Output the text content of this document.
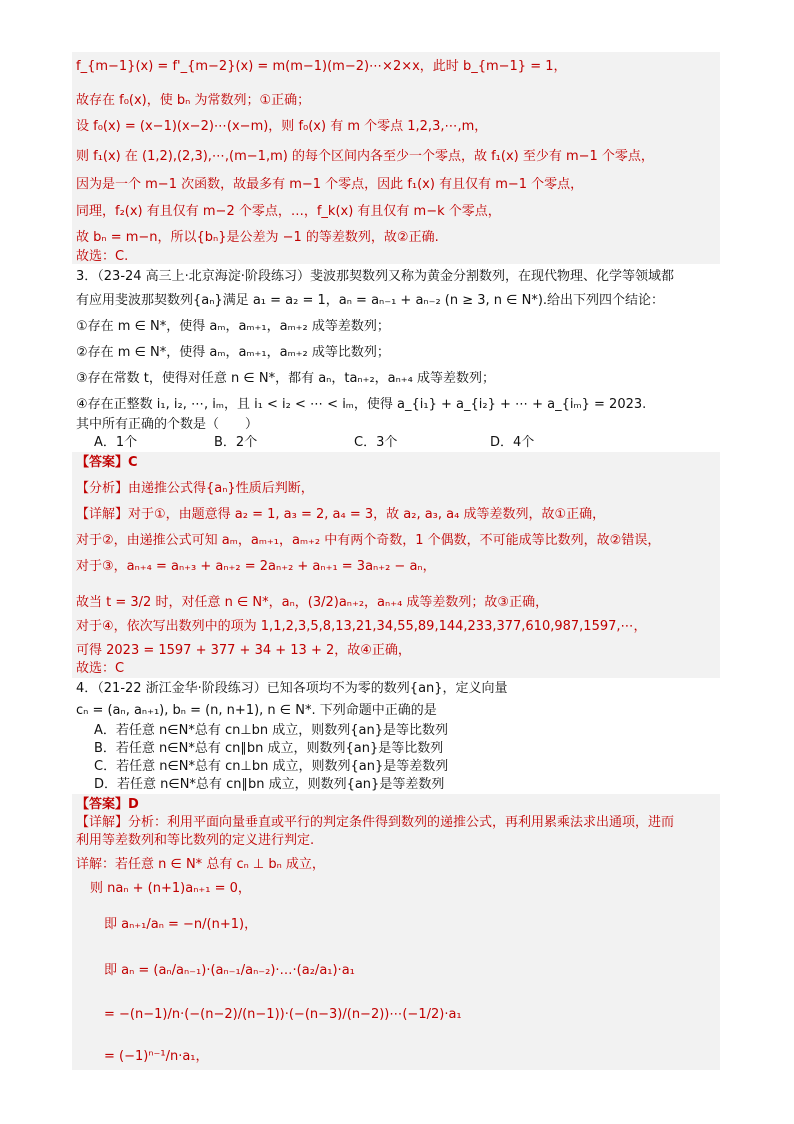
f_{m−1}(x) = f'_{m−2}(x) = m(m−1)(m−2)⋯×2×x，此时 b_{m−1} = 1，
故存在 f₀(x)，使 bₙ 为常数列；①正确；
设 f₀(x) = (x−1)(x−2)⋯(x−m)，则 f₀(x) 有 m 个零点 1,2,3,⋯,m，
则 f₁(x) 在 (1,2),(2,3),⋯,(m−1,m) 的每个区间内各至少一个零点，故 f₁(x) 至少有 m−1 个零点，
因为是一个 m−1 次函数，故最多有 m−1 个零点，因此 f₁(x) 有且仅有 m−1 个零点，
同理，f₂(x) 有且仅有 m−2 个零点，…，f_k(x) 有且仅有 m−k 个零点，
故 bₙ = m−n，所以{bₙ}是公差为 −1 的等差数列，故②正确.
故选：C.
3．（23-24 高三上·北京海淀·阶段练习）斐波那契数列又称为黄金分割数列，在现代物理、化学等领域都
有应用斐波那契数列{aₙ}满足 a₁ = a₂ = 1，aₙ = aₙ₋₁ + aₙ₋₂ (n ≥ 3, n ∈ N*).给出下列四个结论：
①存在 m ∈ N*，使得 aₘ，aₘ₊₁，aₘ₊₂ 成等差数列；
②存在 m ∈ N*，使得 aₘ，aₘ₊₁，aₘ₊₂ 成等比数列；
③存在常数 t，使得对任意 n ∈ N*，都有 aₙ，taₙ₊₂，aₙ₊₄ 成等差数列；
④存在正整数 i₁, i₂, ⋯, iₘ，且 i₁ < i₂ < ⋯ < iₘ，使得 a_{i₁} + a_{i₂} + ⋯ + a_{iₘ} = 2023.
其中所有正确的个数是（　　）
A．1个	B．2个	C．3个	D．4个
【答案】C
【分析】由递推公式得{aₙ}性质后判断，
【详解】对于①，由题意得 a₂ = 1, a₃ = 2, a₄ = 3，故 a₂, a₃, a₄ 成等差数列，故①正确，
对于②，由递推公式可知 aₘ，aₘ₊₁，aₘ₊₂ 中有两个奇数，1 个偶数，不可能成等比数列，故②错误，
对于③，aₙ₊₄ = aₙ₊₃ + aₙ₊₂ = 2aₙ₊₂ + aₙ₊₁ = 3aₙ₊₂ − aₙ，
故当 t = 3/2 时，对任意 n ∈ N*，aₙ，(3/2)aₙ₊₂，aₙ₊₄ 成等差数列；故③正确，
对于④，依次写出数列中的项为 1,1,2,3,5,8,13,21,34,55,89,144,233,377,610,987,1597,⋯，
可得 2023 = 1597 + 377 + 34 + 13 + 2，故④正确，
故选：C
4．（21-22 浙江金华·阶段练习）已知各项均不为零的数列{an}，定义向量
cₙ = (aₙ, aₙ₊₁), bₙ = (n, n+1), n ∈ N*. 下列命题中正确的是
A．若任意 n∈N*总有 cn⊥bn 成立，则数列{an}是等比数列
B．若任意 n∈N*总有 cn∥bn 成立，则数列{an}是等比数列
C．若任意 n∈N*总有 cn⊥bn 成立，则数列{an}是等差数列
D．若任意 n∈N*总有 cn∥bn 成立，则数列{an}是等差数列
【答案】D
【详解】分析：利用平面向量垂直或平行的判定条件得到数列的递推公式，再利用累乘法求出通项，进而
利用等差数列和等比数列的定义进行判定.
详解：若任意 n ∈ N* 总有 cₙ ⊥ bₙ 成立，
则 naₙ + (n+1)aₙ₊₁ = 0，
即 aₙ₊₁/aₙ = −n/(n+1)，
即 aₙ = (aₙ/aₙ₋₁)·(aₙ₋₁/aₙ₋₂)·…·(a₂/a₁)·a₁
= −(n−1)/n·(−(n−2)/(n−1))·(−(n−3)/(n−2))⋯(−1/2)·a₁
= (−1)ⁿ⁻¹/n·a₁，
